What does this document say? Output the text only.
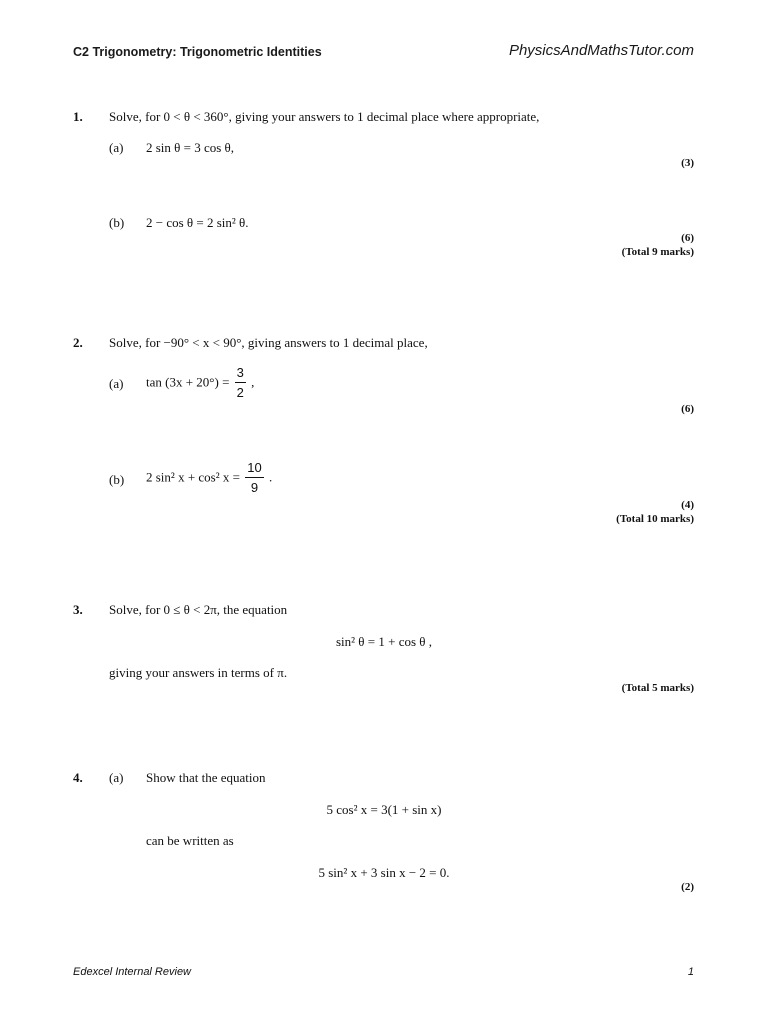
C2 Trigonometry: Trigonometric Identities	PhysicsAndMathsTutor.com
1. Solve, for 0 < θ < 360°, giving your answers to 1 decimal place where appropriate,
(a) 2 sin θ = 3 cos θ,
(3)
(b) 2 − cos θ = 2 sin² θ.
(6)
(Total 9 marks)
2. Solve, for −90° < x < 90°, giving answers to 1 decimal place,
(a) $\tan (3x + 20^\circ) = \frac{3}{2}$ ,
(6)
(b) 2 sin² x + cos² $x = \frac{10}{9}$ .
(4)
(Total 10 marks)
3. Solve, for 0 ≤ θ < 2π, the equation
sin² θ = 1 + cos θ ,
giving your answers in terms of π.
(Total 5 marks)
4. (a) Show that the equation
5 cos² x = 3(1 + sin x)
can be written as
5 sin² x + 3 sin x − 2 = 0.
(2)
Edexcel Internal Review	1
